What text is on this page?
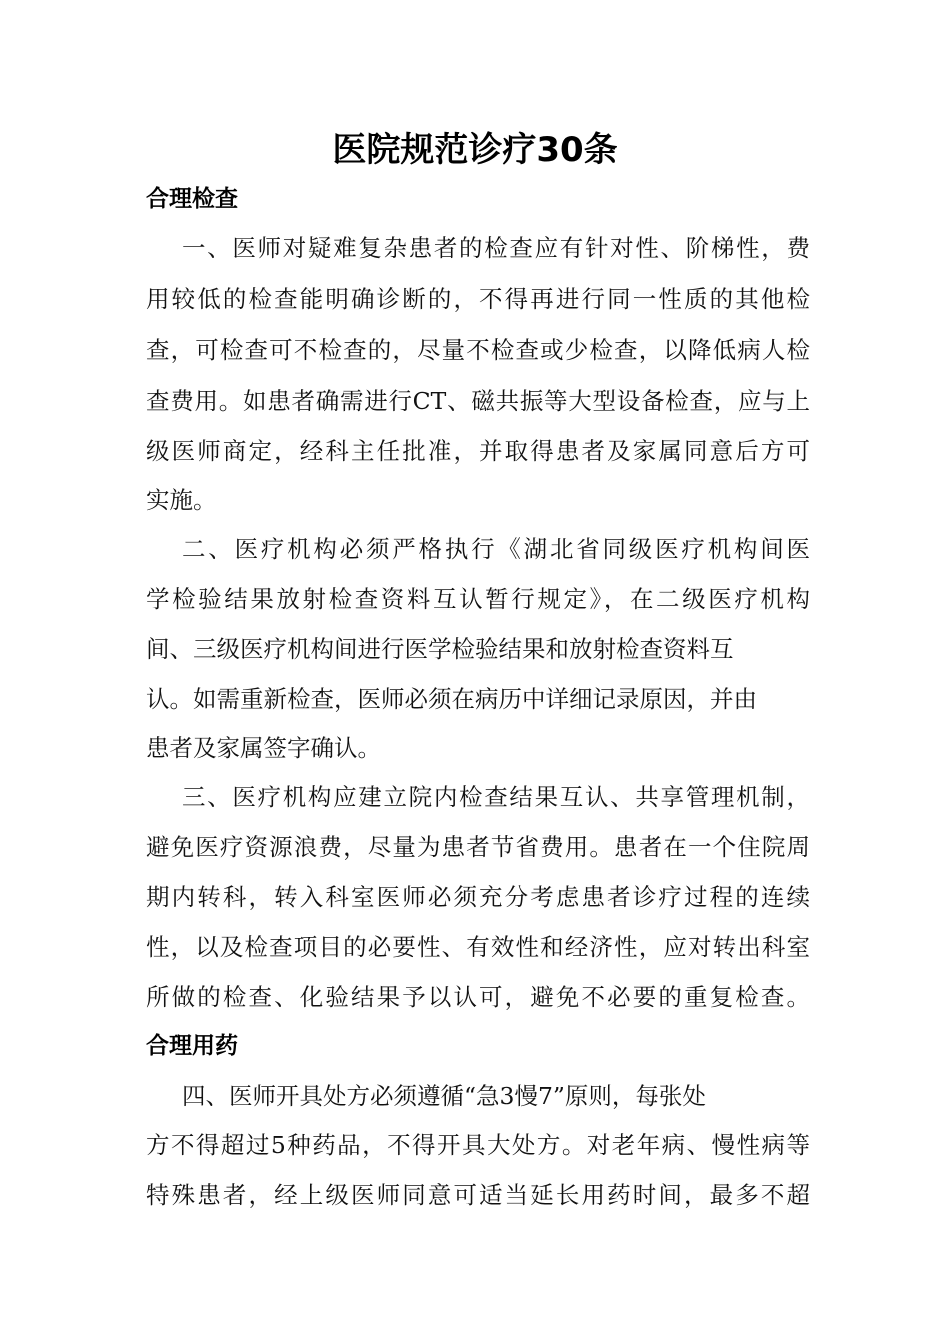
医院规范诊疗30条
合理检查

一、医师对疑难复杂患者的检查应有针对性、阶梯性，费

用较低的检查能明确诊断的，不得再进行同一性质的其他检

查，可检查可不检查的，尽量不检查或少检查，以降低病人检

查费用。如患者确需进行CT、磁共振等大型设备检查，应与上

级医师商定，经科主任批准，并取得患者及家属同意后方可

实施。

二、医疗机构必须严格执行《湖北省同级医疗机构间医

学检验结果放射检查资料互认暂行规定》，在二级医疗机构

间、三级医疗机构间进行医学检验结果和放射检查资料互

认。如需重新检查，医师必须在病历中详细记录原因，并由

患者及家属签字确认。

三、医疗机构应建立院内检查结果互认、共享管理机制，

避免医疗资源浪费，尽量为患者节省费用。患者在一个住院周

期内转科，转入科室医师必须充分考虑患者诊疗过程的连续

性，以及检查项目的必要性、有效性和经济性，应对转出科室

所做的检查、化验结果予以认可，避免不必要的重复检查。

合理用药

四、医师开具处方必须遵循“急3慢7”原则，每张处

方不得超过5种药品，不得开具大处方。对老年病、慢性病等

特殊患者，经上级医师同意可适当延长用药时间，最多不超
